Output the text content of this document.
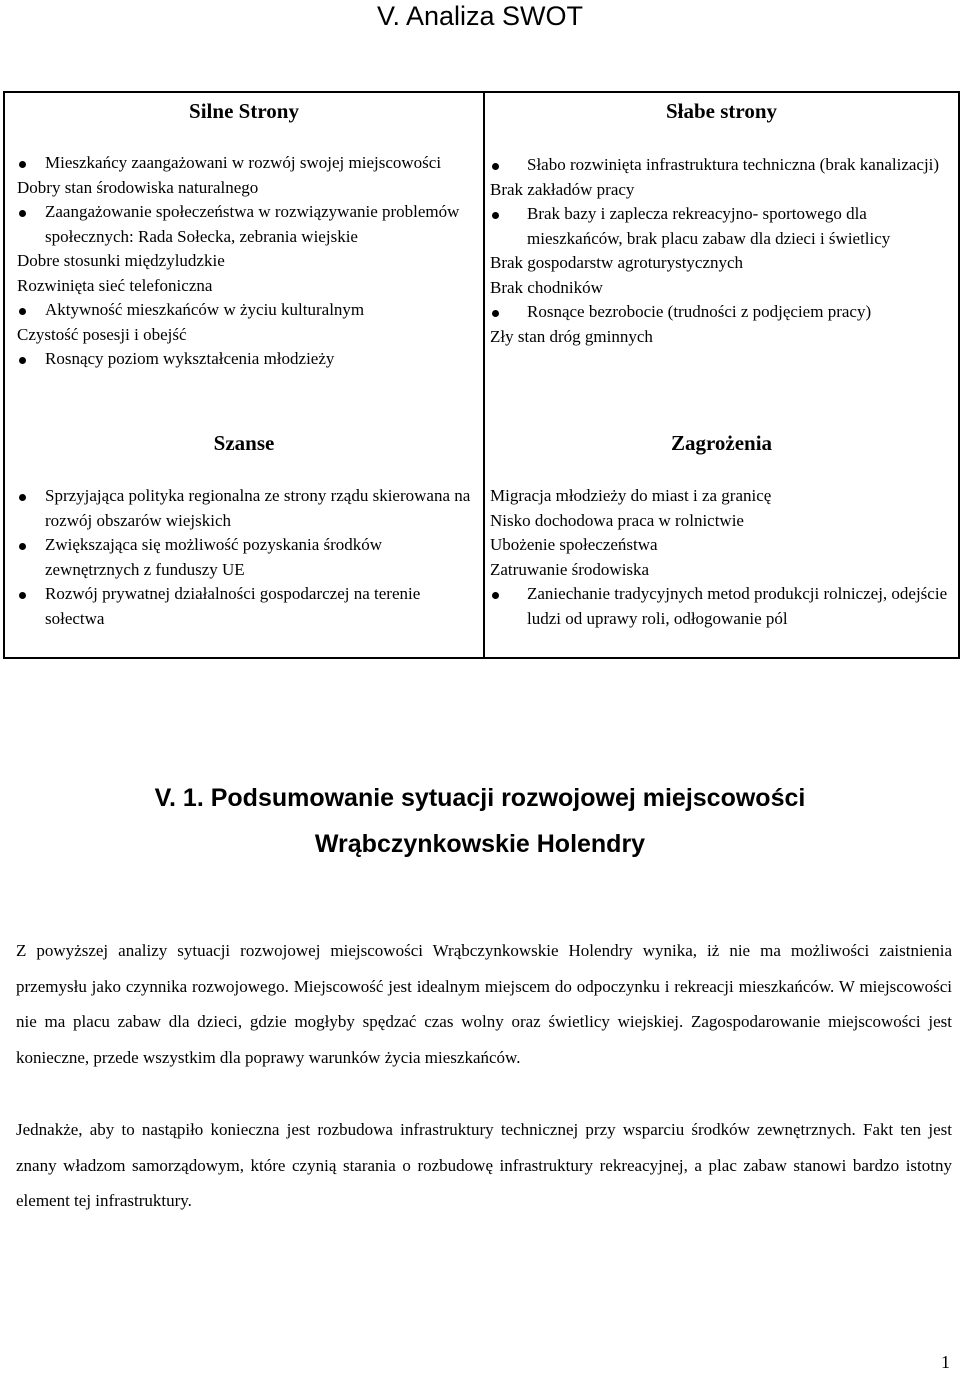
V. Analiza SWOT
Silne Strony
Mieszkańcy zaangażowani w rozwój swojej miejscowości
Dobry stan środowiska naturalnego
Zaangażowanie społeczeństwa w rozwiązywanie problemów społecznych: Rada Sołecka, zebrania wiejskie
Dobre stosunki międzyludzkie
Rozwinięta sieć telefoniczna
Aktywność mieszkańców w życiu kulturalnym
Czystość posesji i obejść
Rosnący poziom wykształcenia młodzieży
Szanse
Sprzyjająca polityka regionalna ze strony rządu skierowana na rozwój obszarów wiejskich
Zwiększająca się możliwość pozyskania środków zewnętrznych z funduszy UE
Rozwój prywatnej działalności gospodarczej na terenie sołectwa
Słabe strony
Słabo rozwinięta infrastruktura techniczna (brak kanalizacji)
Brak zakładów pracy
Brak bazy i zaplecza rekreacyjno- sportowego dla mieszkańców, brak placu zabaw dla dzieci i świetlicy
Brak gospodarstw agroturystycznych
Brak chodników
Rosnące bezrobocie (trudności z podjęciem pracy)
Zły stan dróg gminnych
Zagrożenia
Migracja młodzieży do miast i za granicę
Nisko dochodowa praca w rolnictwie
Ubożenie społeczeństwa
Zatruwanie środowiska
Zaniechanie tradycyjnych metod produkcji rolniczej, odejście ludzi od uprawy roli, odłogowanie pól
V. 1. Podsumowanie sytuacji rozwojowej miejscowości
Wrąbczynkowskie Holendry

Z powyższej analizy sytuacji rozwojowej miejscowości Wrąbczynkowskie Holendry wynika, iż nie ma możliwości zaistnienia przemysłu jako czynnika rozwojowego. Miejscowość jest idealnym miejscem do odpoczynku i rekreacji mieszkańców. W miejscowości nie ma placu zabaw dla dzieci, gdzie mogłyby spędzać czas wolny oraz świetlicy wiejskiej. Zagospodarowanie miejscowości jest konieczne, przede wszystkim dla poprawy warunków życia mieszkańców.

Jednakże, aby to nastąpiło konieczna jest rozbudowa infrastruktury technicznej przy wsparciu środków zewnętrznych. Fakt ten jest znany władzom samorządowym, które czynią starania o rozbudowę infrastruktury rekreacyjnej, a plac zabaw stanowi bardzo istotny element tej infrastruktury.

1
